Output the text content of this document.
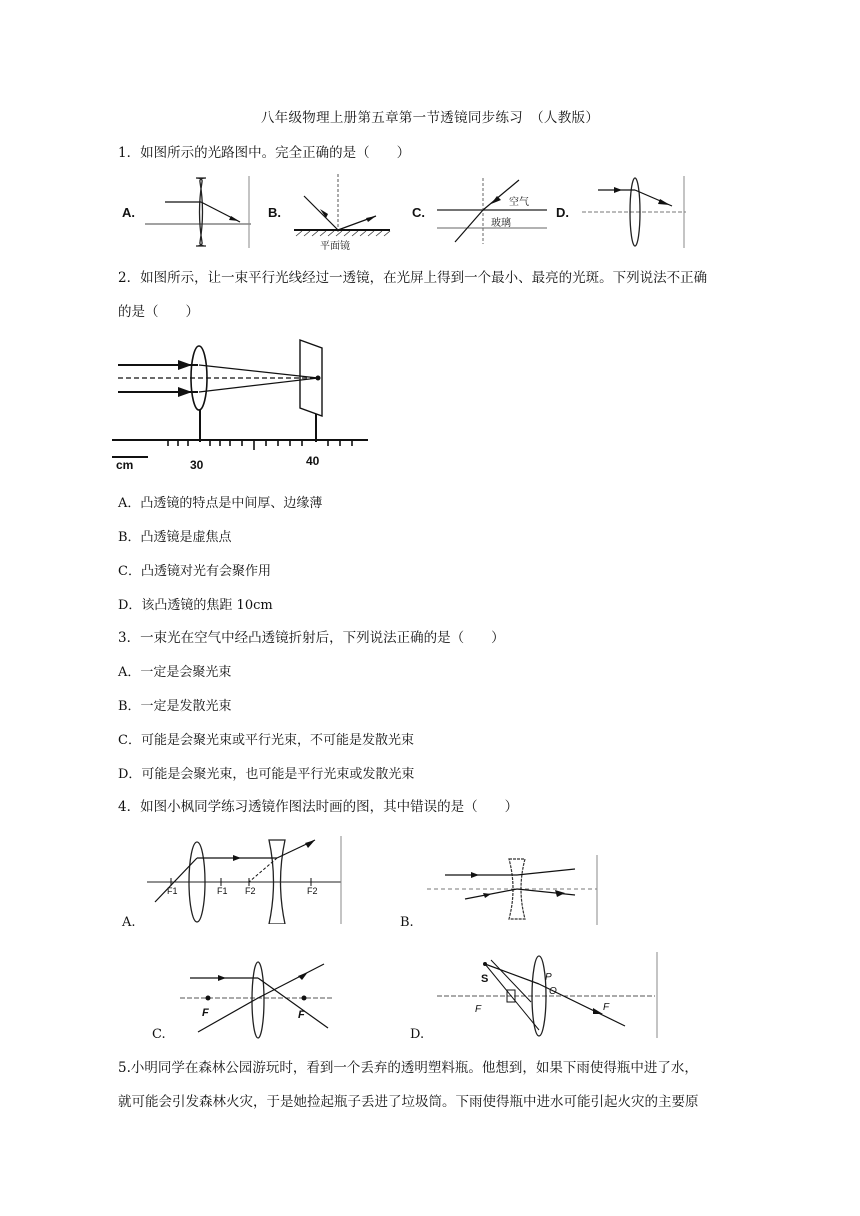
八年级物理上册第五章第一节透镜同步练习　（人教版）
1．如图所示的光路图中。完全正确的是（　　）
A.	B.	C.	D.
平面镜
空气
玻璃
2．如图所示，让一束平行光线经过一透镜，在光屏上得到一个最小、最亮的光斑。下列说法不正确
的是（　　）
cm	30	40
A．凸透镜的特点是中间厚、边缘薄
B．凸透镜是虚焦点
C．凸透镜对光有会聚作用
D．该凸透镜的焦距 10cm
3．一束光在空气中经凸透镜折射后，下列说法正确的是（　　）
A．一定是会聚光束
B．一定是发散光束
C．可能是会聚光束或平行光束，不可能是发散光束
D．可能是会聚光束，也可能是平行光束或发散光束
4．如图小枫同学练习透镜作图法时画的图，其中错误的是（　　）
F1	F1 F2	F2
A.	B.
F	F
C.
S	P
O
F	F
D.
5.小明同学在森林公园游玩时，看到一个丢弃的透明塑料瓶。他想到，如果下雨使得瓶中进了水，
就可能会引发森林火灾，于是她捡起瓶子丢进了垃圾筒。下雨使得瓶中进水可能引起火灾的主要原
